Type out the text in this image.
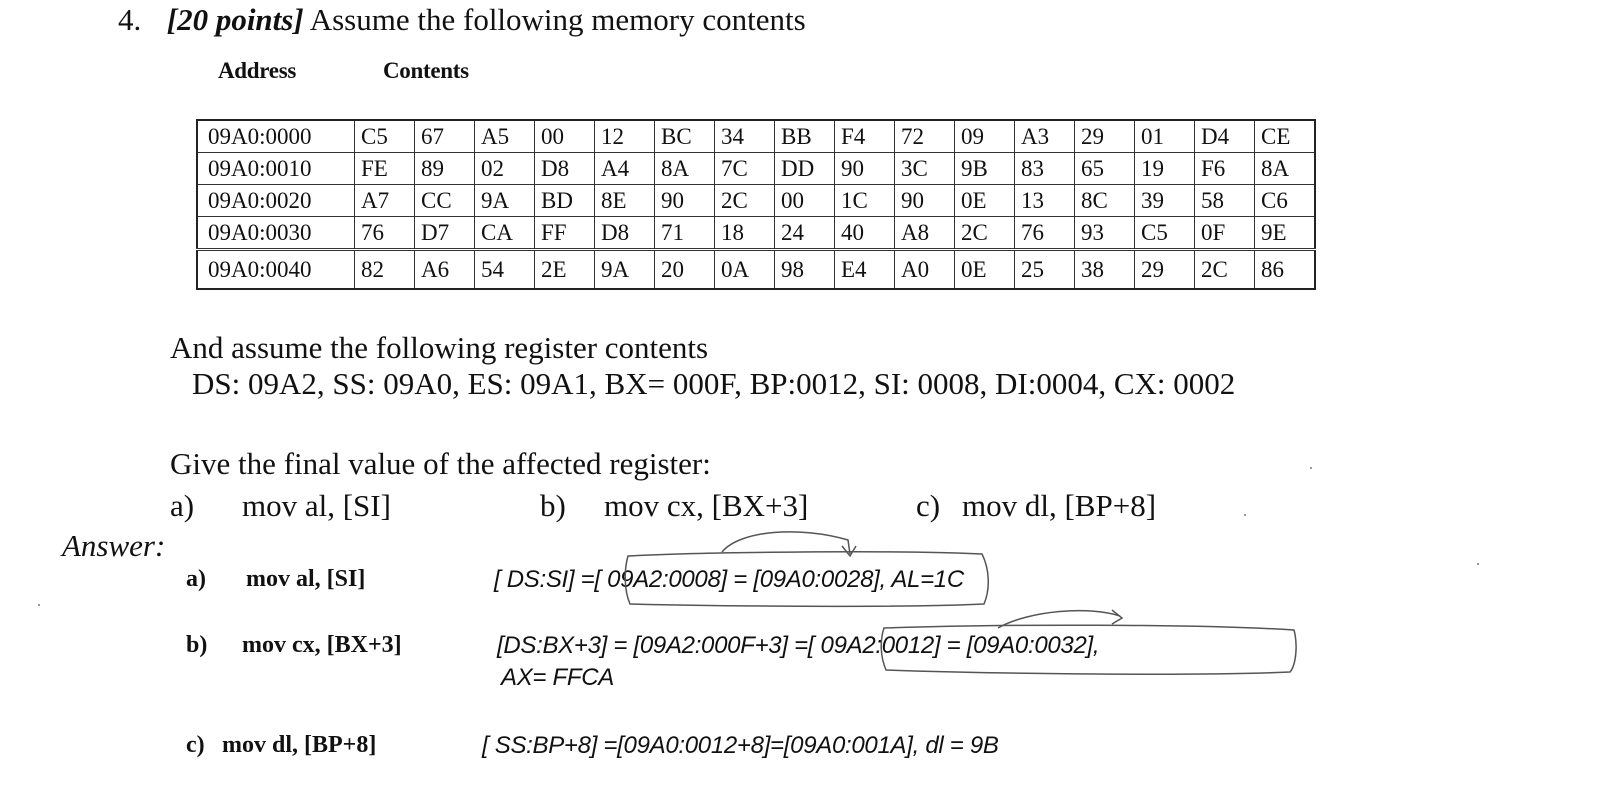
4. [20 points] Assume the following memory contents
Address	Contents
09A0:0000	C5	67	A5	00	12	BC	34	BB	F4	72	09	A3	29	01	D4	CE
09A0:0010	FE	89	02	D8	A4	8A	7C	DD	90	3C	9B	83	65	19	F6	8A
09A0:0020	A7	CC	9A	BD	8E	90	2C	00	1C	90	0E	13	8C	39	58	C6
09A0:0030	76	D7	CA	FF	D8	71	18	24	40	A8	2C	76	93	C5	0F	9E
09A0:0040	82	A6	54	2E	9A	20	0A	98	E4	A0	0E	25	38	29	2C	86
And assume the following register contents
DS: 09A2, SS: 09A0, ES: 09A1, BX= 000F, BP:0012, SI: 0008, DI:0004, CX: 0002
Give the final value of the affected register:
a) mov al, [SI]	b) mov cx, [BX+3]	c) mov dl, [BP+8]
Answer:
a) mov al, [SI]	[ DS:SI] =[ 09A2:0008] = [09A0:0028], AL=1C
b) mov cx, [BX+3]	[DS:BX+3] = [09A2:000F+3] =[ 09A2:0012] = [09A0:0032],
AX= FFCA
c) mov dl, [BP+8]	[ SS:BP+8] =[09A0:0012+8]=[09A0:001A], dl = 9B
